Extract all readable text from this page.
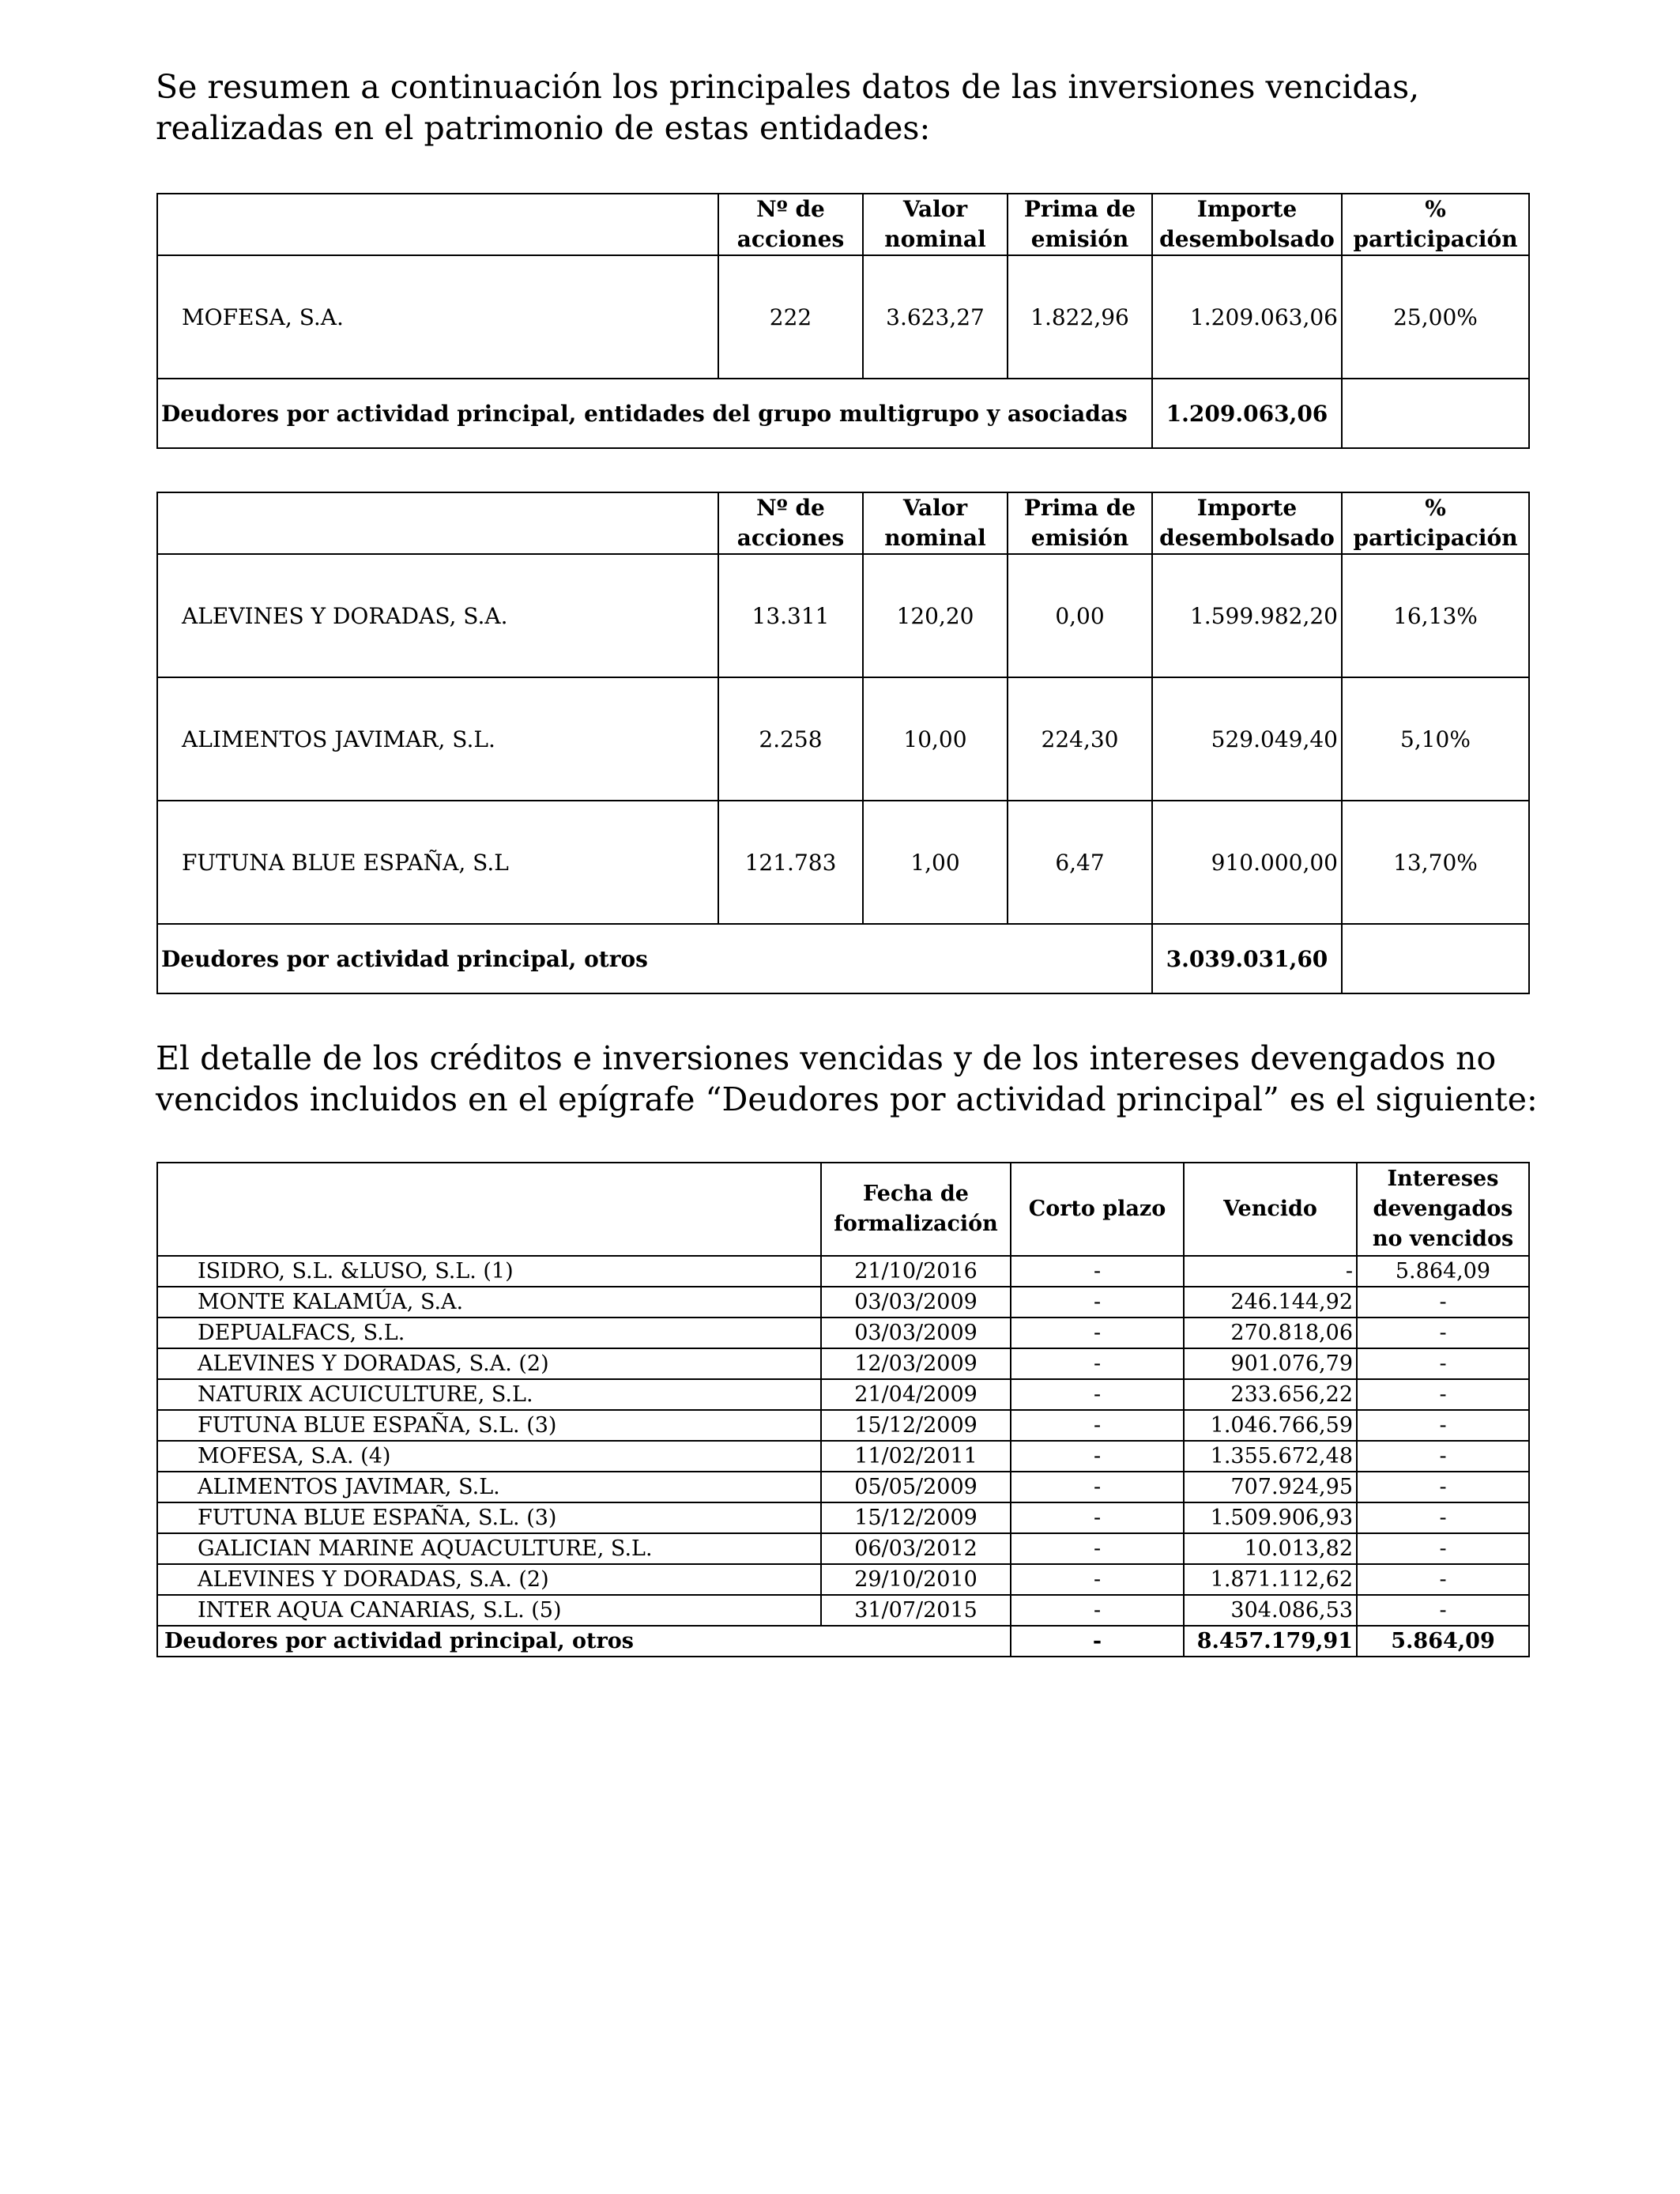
Se resumen a continuación los principales datos de las inversiones vencidas, realizadas en el patrimonio de estas entidades:

	Nº de acciones	Valor nominal	Prima de emisión	Importe desembolsado	% participación
MOFESA, S.A.	222	3.623,27	1.822,96	1.209.063,06	25,00%
Deudores por actividad principal, entidades del grupo multigrupo y asociadas				1.209.063,06	
	Nº de acciones	Valor nominal	Prima de emisión	Importe desembolsado	% participación
ALEVINES Y DORADAS, S.A.	13.311	120,20	0,00	1.599.982,20	16,13%
ALIMENTOS JAVIMAR, S.L.	2.258	10,00	224,30	529.049,40	5,10%
FUTUNA BLUE ESPAÑA, S.L	121.783	1,00	6,47	910.000,00	13,70%
Deudores por actividad principal, otros				3.039.031,60	

El detalle de los créditos e inversiones vencidas y de los intereses devengados no vencidos incluidos en el epígrafe “Deudores por actividad principal” es el siguiente:

	Fecha de formalización	Corto plazo	Vencido	Intereses devengados no vencidos
ISIDRO, S.L. &LUSO, S.L. (1)	21/10/2016	-	-	5.864,09
MONTE KALAMÚA, S.A.	03/03/2009	-	246.144,92	-
DEPUALFACS, S.L.	03/03/2009	-	270.818,06	-
ALEVINES Y DORADAS, S.A. (2)	12/03/2009	-	901.076,79	-
NATURIX ACUICULTURE, S.L.	21/04/2009	-	233.656,22	-
FUTUNA BLUE ESPAÑA, S.L. (3)	15/12/2009	-	1.046.766,59	-
MOFESA, S.A. (4)	11/02/2011	-	1.355.672,48	-
ALIMENTOS JAVIMAR, S.L.	05/05/2009	-	707.924,95	-
FUTUNA BLUE ESPAÑA, S.L. (3)	15/12/2009	-	1.509.906,93	-
GALICIAN MARINE AQUACULTURE, S.L.	06/03/2012	-	10.013,82	-
ALEVINES Y DORADAS, S.A. (2)	29/10/2010	-	1.871.112,62	-
INTER AQUA CANARIAS, S.L. (5)	31/07/2015	-	304.086,53	-
Deudores por actividad principal, otros		-	8.457.179,91	5.864,09
